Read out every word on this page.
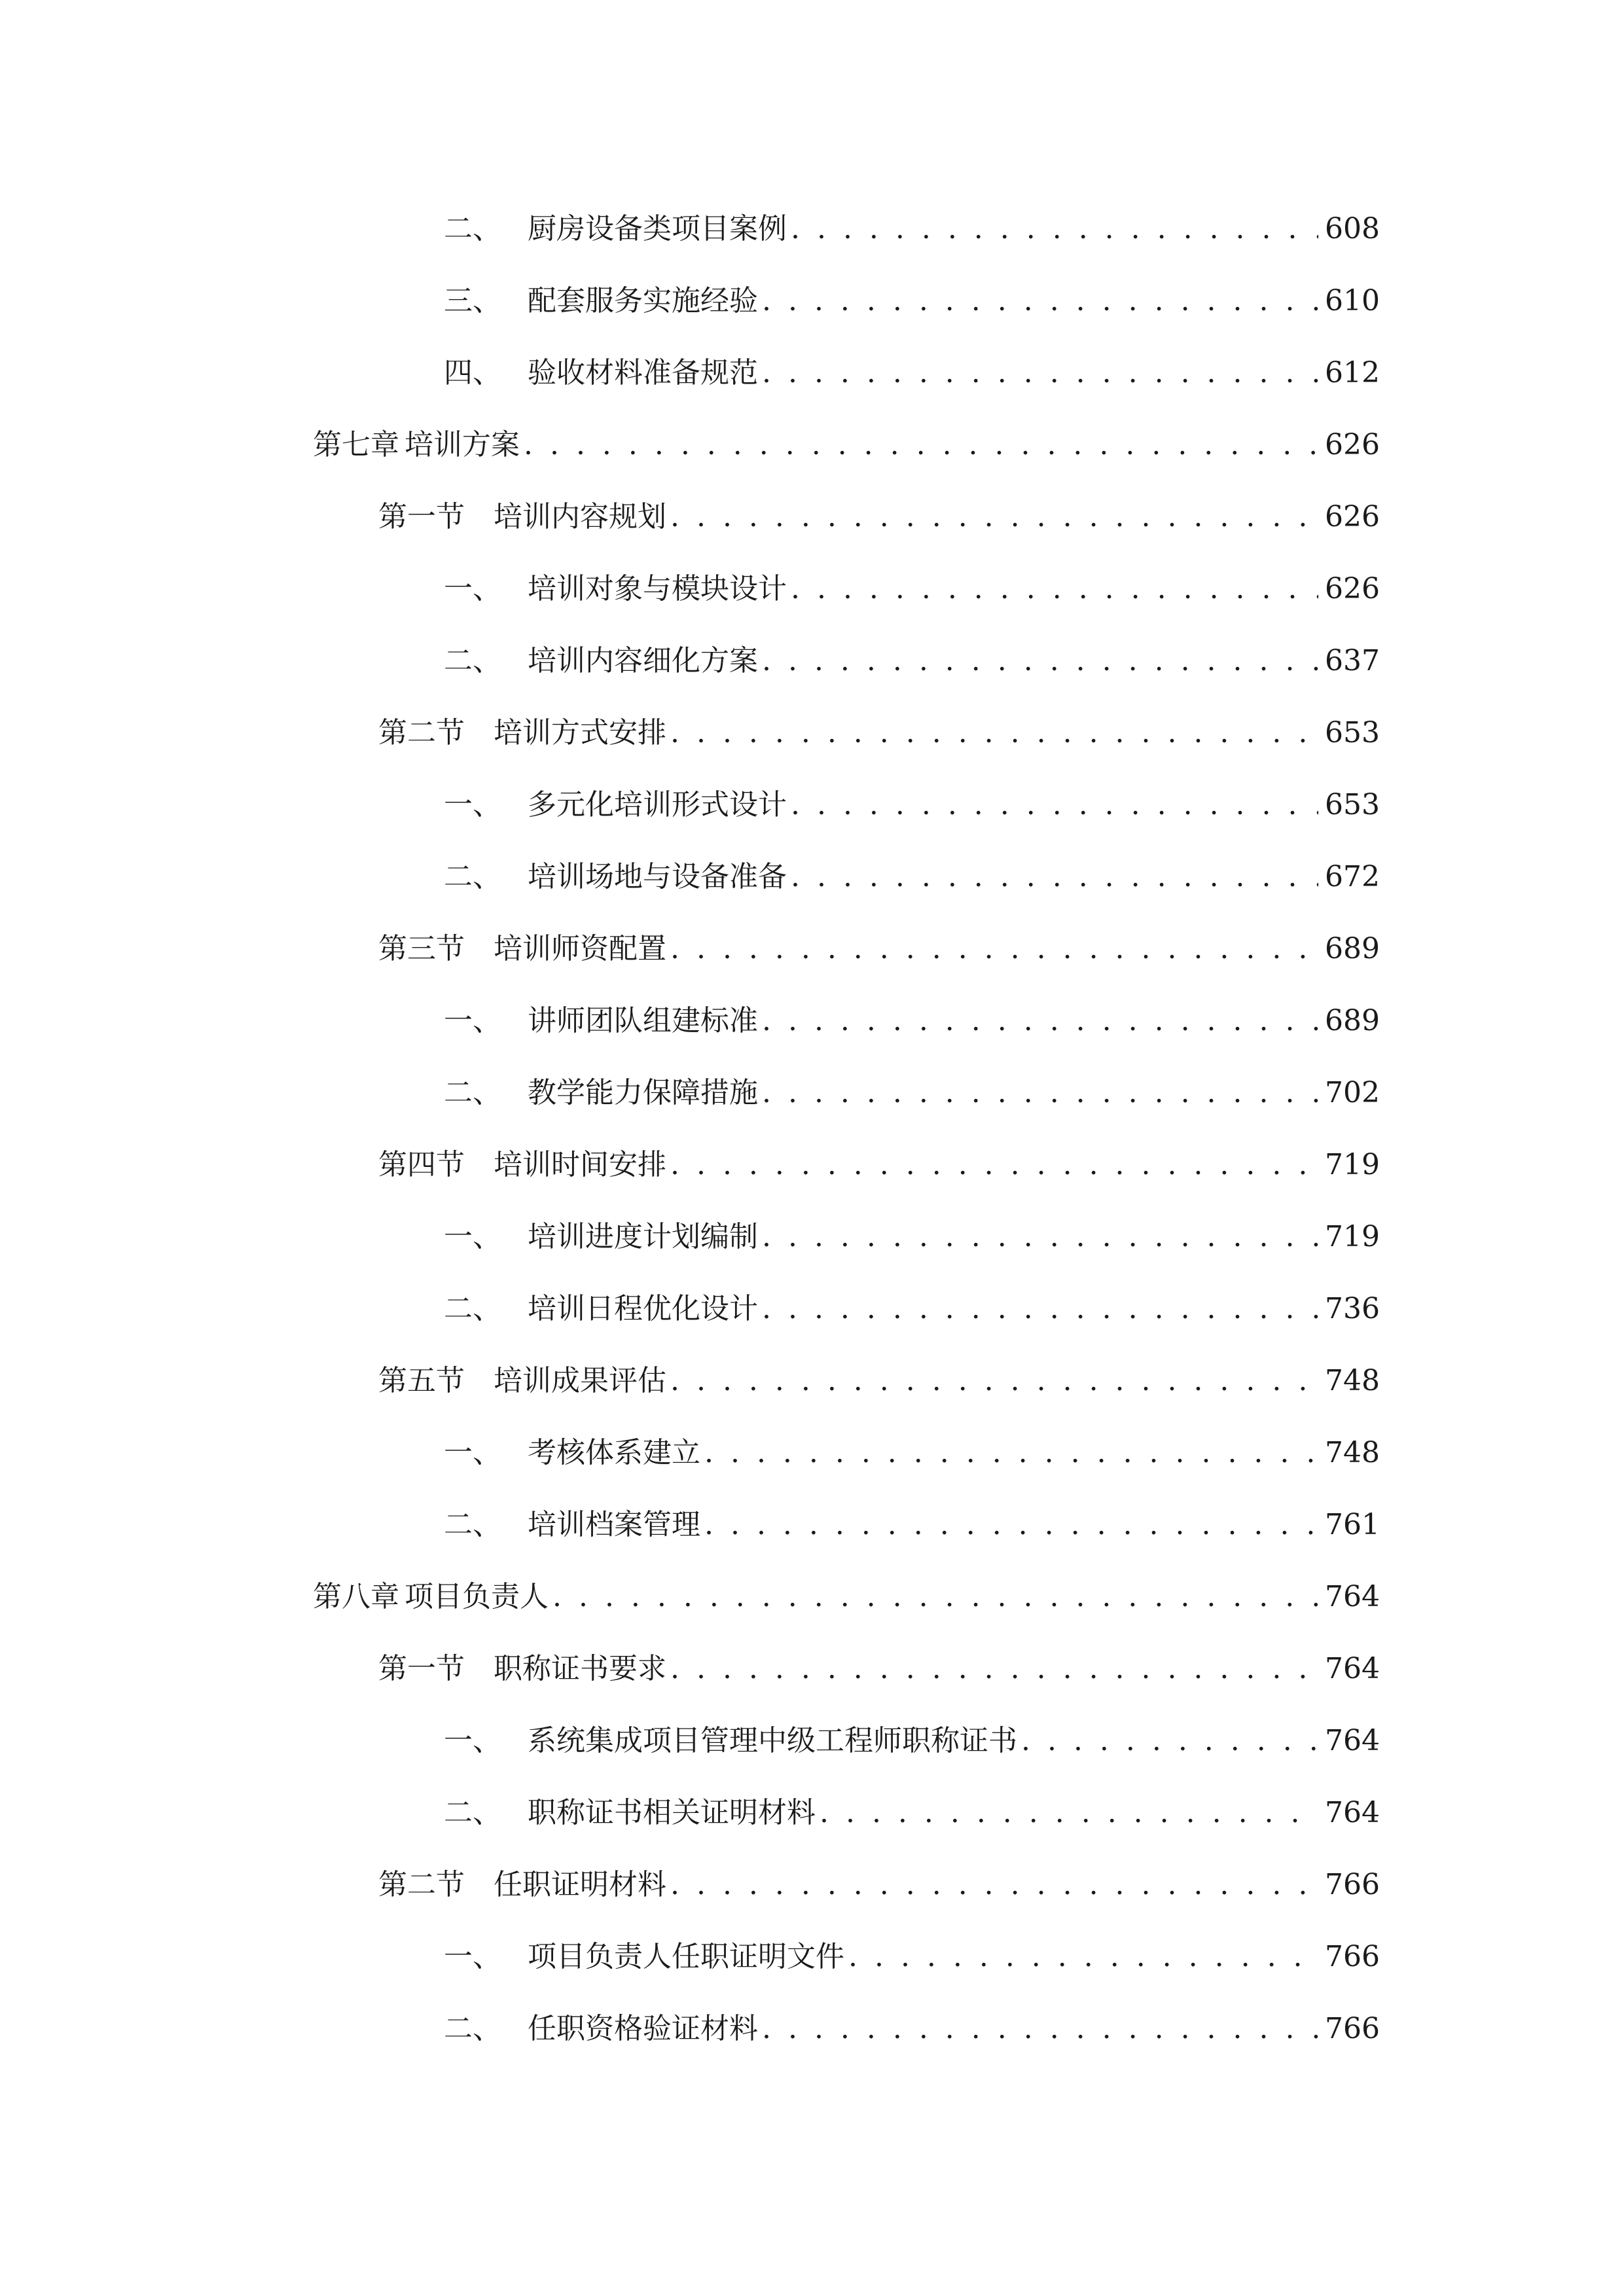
二、 厨房设备类项目案例 . . .	608
三、 配套服务实施经验 . . .	610
四、 验收材料准备规范 . . .	612
第七章 培训方案 . . .	626
第一节	培训内容规划 . . .	626
一、 培训对象与模块设计 . . .	626
二、 培训内容细化方案 . . .	637
第二节	培训方式安排 . . .	653
一、 多元化培训形式设计 . . .	653
二、 培训场地与设备准备 . . .	672
第三节	培训师资配置 . . .	689
一、 讲师团队组建标准 . . .	689
二、 教学能力保障措施 . . .	702
第四节	培训时间安排 . . .	719
一、 培训进度计划编制 . . .	719
二、 培训日程优化设计 . . .	736
第五节	培训成果评估 . . .	748
一、 考核体系建立 . . .	748
二、 培训档案管理 . . .	761
第八章 项目负责人 . . .	764
第一节	职称证书要求 . . .	764
一、 系统集成项目管理中级工程师职称证书 . . .	764
二、 职称证书相关证明材料 . . .	764
第二节	任职证明材料 . . .	766
一、 项目负责人任职证明文件 . . .	766
二、 任职资格验证材料 . . .	766
